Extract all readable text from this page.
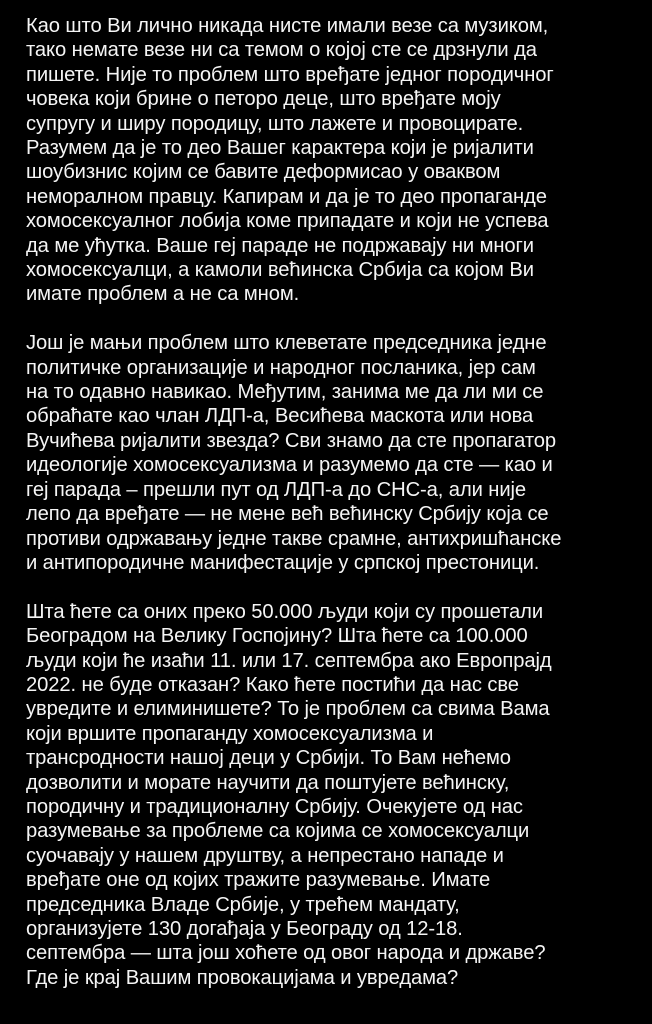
Као што Ви лично никада нисте имали везе са музиком,
тако немате везе ни са темом о којој сте се дрзнули да
пишете. Није то проблем што вређате једног породичног
човека који брине о петоро деце, што вређате моју
супругу и ширу породицу, што лажете и провоцирате.
Разумем да је то део Вашег карактера који је ријалити
шоубизнис којим се бавите деформисао у оваквом
неморалном правцу. Капирам и да је то део пропаганде
хомосексуалног лобија коме припадате и који не успева
да ме ућутка. Ваше геј параде не подржавају ни многи
хомосексуалци, а камоли већинска Србија са којом Ви
имате проблем а не са мном.
Још је мањи проблем што клеветате председника једне
политичке организације и народног посланика, јер сам
на то одавно навикао. Међутим, занима ме да ли ми се
обраћате као члан ЛДП-а, Весићева маскота или нова
Вучићева ријалити звезда? Сви знамо да сте пропагатор
идеологије хомосексуализма и разумемо да сте — као и
геј парада – прешли пут од ЛДП-а до СНС-а, али није
лепо да вређате — не мене већ већинску Србију која се
противи одржавању једне такве срамне, антихришћанске
и антипородичне манифестације у српској престоници.
Шта ћете са оних преко 50.000 људи који су прошетали
Београдом на Велику Госпојину? Шта ћете са 100.000
људи који ће изаћи 11. или 17. септембра ако Европрајд
2022. не буде отказан? Како ћете постићи да нас све
увредите и елиминишете? То је проблем са свима Вама
који вршите пропаганду хомосексуализма и
трансродности нашој деци у Србији. То Вам нећемо
дозволити и морате научити да поштујете већинску,
породичну и традиционалну Србију. Очекујете од нас
разумевање за проблеме са којима се хомосексуалци
суочавају у нашем друштву, а непрестано нападе и
вређате оне од којих тражите разумевање. Имате
председника Владе Србије, у трећем мандату,
организујете 130 догађаја у Београду од 12-18.
септембра — шта још хоћете од овог народа и државе?
Где је крај Вашим провокацијама и увредама?
